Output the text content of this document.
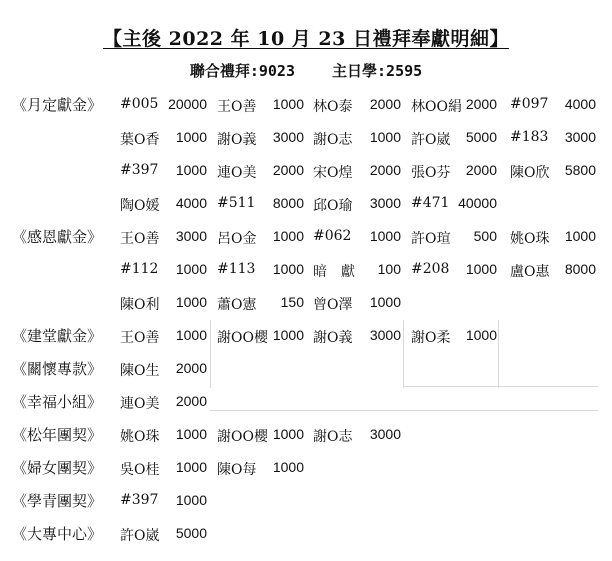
【主後 2022 年 10 月 23 日禮拜奉獻明細】
聯合禮拜:9023 主日學:2595
《月定獻金》 #005 20000 王O善	1000 林O泰	2000 林OO絹 2000 #097	4000
葉O香	1000 謝O義	3000 謝O志	1000 許O崴	5000 #183	3000
#397	1000 連O美	2000 宋O煌	2000 張O芬	2000 陳O欣	5800
陶O媛	4000 #511	8000 邱O瑜	3000 #471 40000
《感恩獻金》 王O善	3000 呂O金	1000 #062	1000 許O瑄	500 姚O珠	1000
#112	1000 #113	1000 暗　獻	100 #208	1000 盧O惠	8000
陳O利	1000 蕭O憲	150 曾O澤	1000
《建堂獻金》 王O善	1000 謝OO櫻 1000 謝O義	3000 謝O柔	1000
《關懷專款》 陳O生	2000
《幸福小組》 連O美	2000
《松年團契》 姚O珠	1000 謝OO櫻 1000 謝O志	3000
《婦女團契》 吳O桂	1000 陳O每	1000
《學青團契》 #397	1000
《大專中心》 許O崴	5000
